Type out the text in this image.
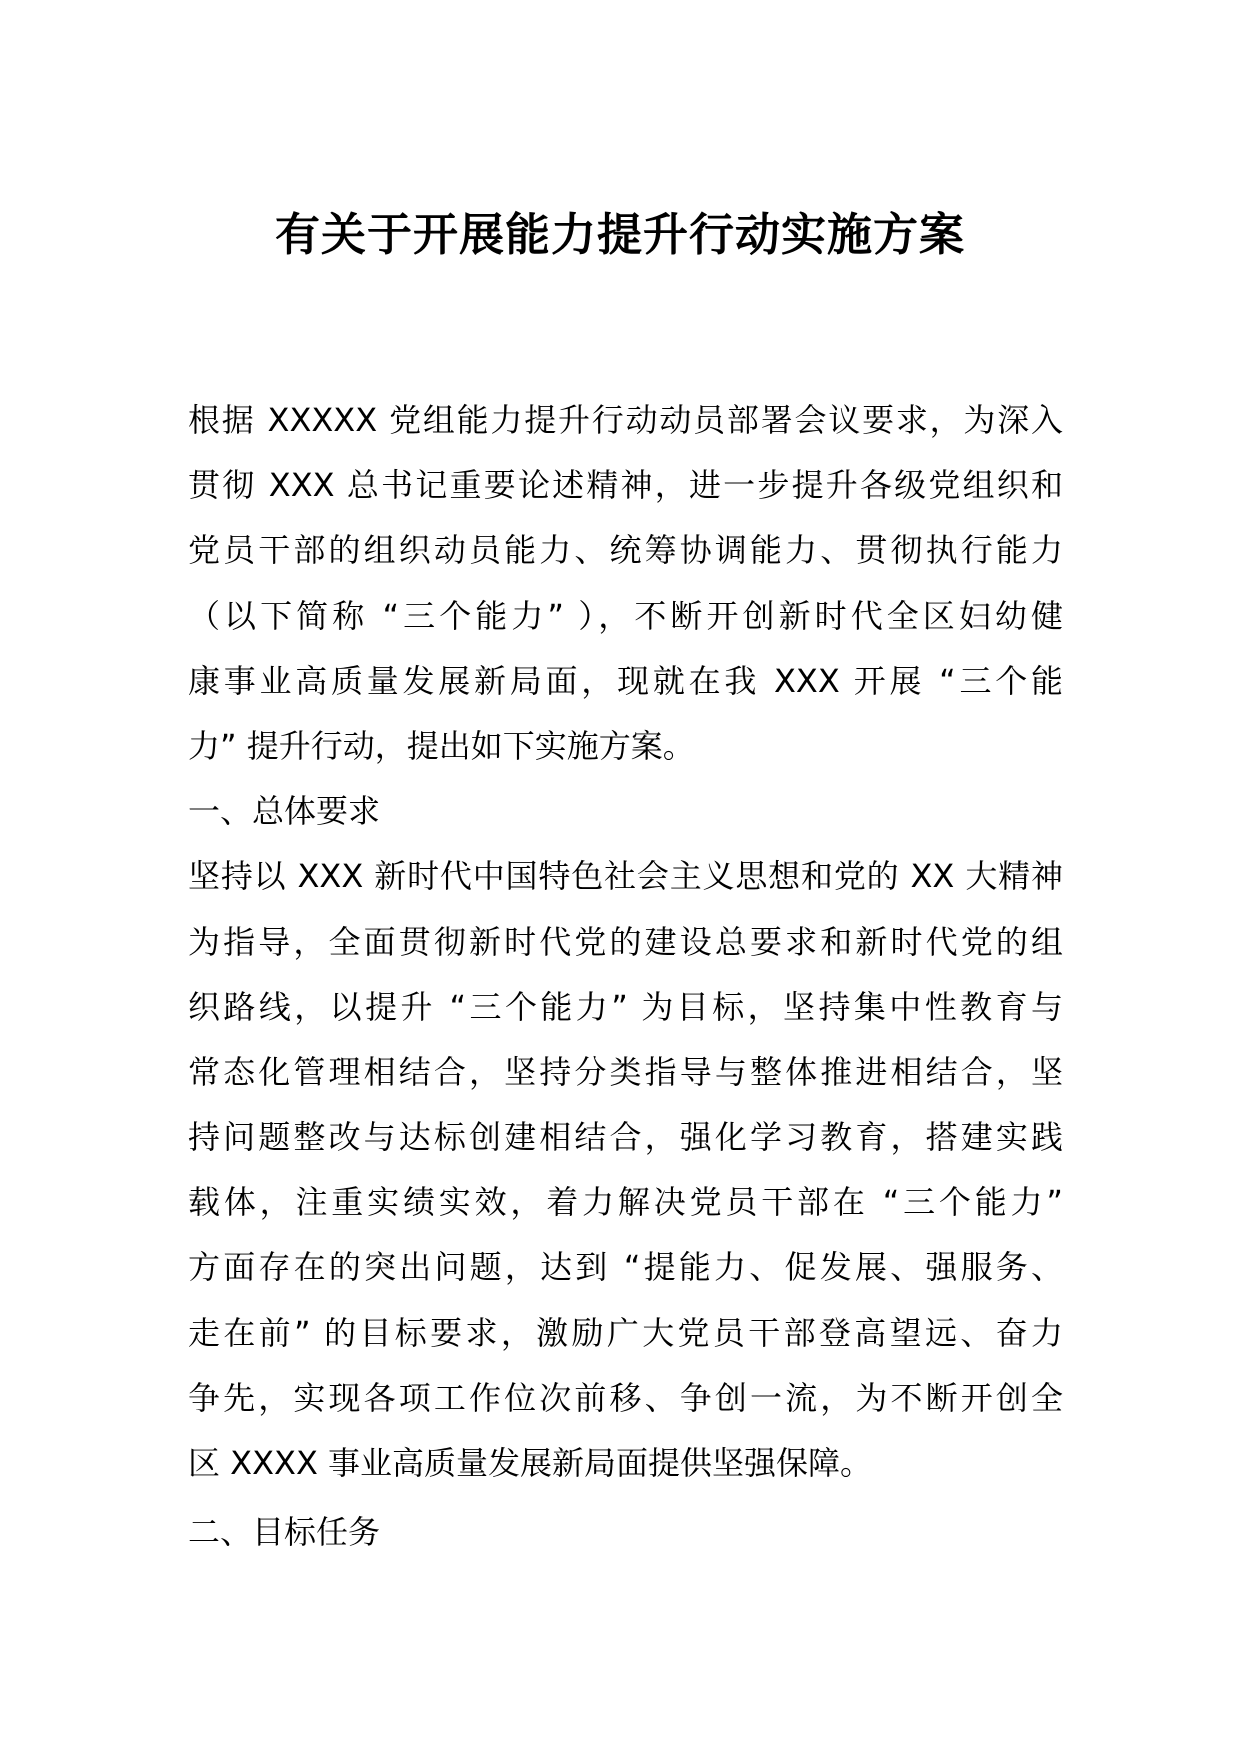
有关于开展能力提升行动实施方案
根据 XXXXX 党组能力提升行动动员部署会议要求，为深入
贯彻 XXX 总书记重要论述精神，进一步提升各级党组织和
党员干部的组织动员能力、统筹协调能力、贯彻执行能力
（以下简称 “三个能力” ），不断开创新时代全区妇幼健
康事业高质量发展新局面，现就在我 XXX 开展 “三个能
力” 提升行动，提出如下实施方案。
一、总体要求
坚持以 XXX 新时代中国特色社会主义思想和党的 XX 大精神
为指导，全面贯彻新时代党的建设总要求和新时代党的组
织路线，以提升 “三个能力” 为目标，坚持集中性教育与
常态化管理相结合，坚持分类指导与整体推进相结合，坚
持问题整改与达标创建相结合，强化学习教育，搭建实践
载体，注重实绩实效，着力解决党员干部在 “三个能力”
方面存在的突出问题，达到 “提能力、促发展、强服务、
走在前” 的目标要求，激励广大党员干部登高望远、奋力
争先，实现各项工作位次前移、争创一流，为不断开创全
区 XXXX 事业高质量发展新局面提供坚强保障。
二、目标任务
